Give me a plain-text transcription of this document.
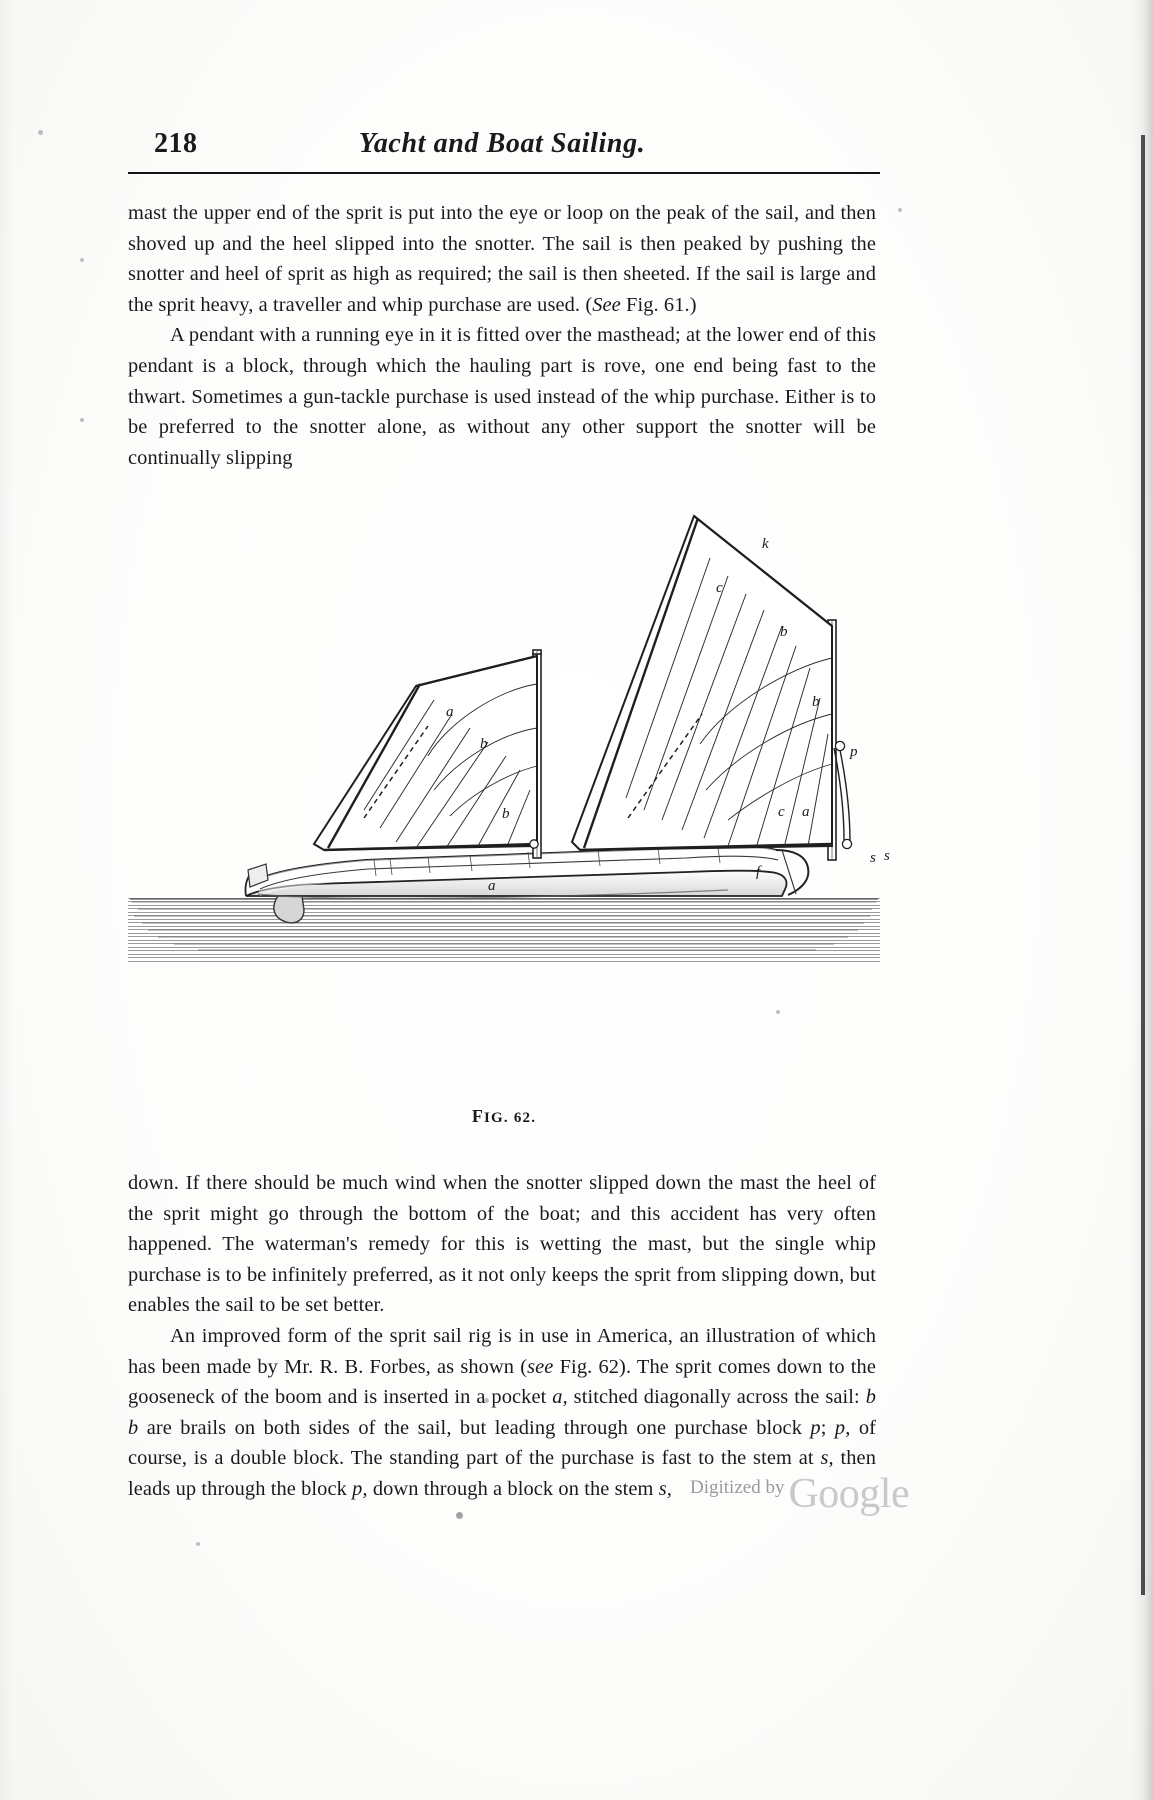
218	Yacht and Boat Sailing.

mast the upper end of the sprit is put into the eye or loop on the peak of the sail, and then shoved up and the heel slipped into the snotter. The sail is then peaked by pushing the snotter and heel of sprit as high as required; the sail is then sheeted. If the sail is large and the sprit heavy, a traveller and whip purchase are used. (See Fig. 61.)

A pendant with a running eye in it is fitted over the masthead; at the lower end of this pendant is a block, through which the hauling part is rove, one end being fast to the thwart. Sometimes a gun-tackle purchase is used instead of the whip purchase. Either is to be preferred to the snotter alone, as without any other support the snotter will be continually slipping

a
b
b
a
k
c
b
b
p
c a
f
s
s
FIG. 62.

down. If there should be much wind when the snotter slipped down the mast the heel of the sprit might go through the bottom of the boat; and this accident has very often happened. The waterman's remedy for this is wetting the mast, but the single whip purchase is to be infinitely preferred, as it not only keeps the sprit from slipping down, but enables the sail to be set better.

An improved form of the sprit sail rig is in use in America, an illustration of which has been made by Mr. R. B. Forbes, as shown (see Fig. 62). The sprit comes down to the gooseneck of the boom and is inserted in a pocket a, stitched diagonally across the sail: b b are brails on both sides of the sail, but leading through one purchase block p; p, of course, is a double block. The standing part of the purchase is fast to the stem at s, then leads up through the block p, down through a block on the stem s, Digitized by Google
